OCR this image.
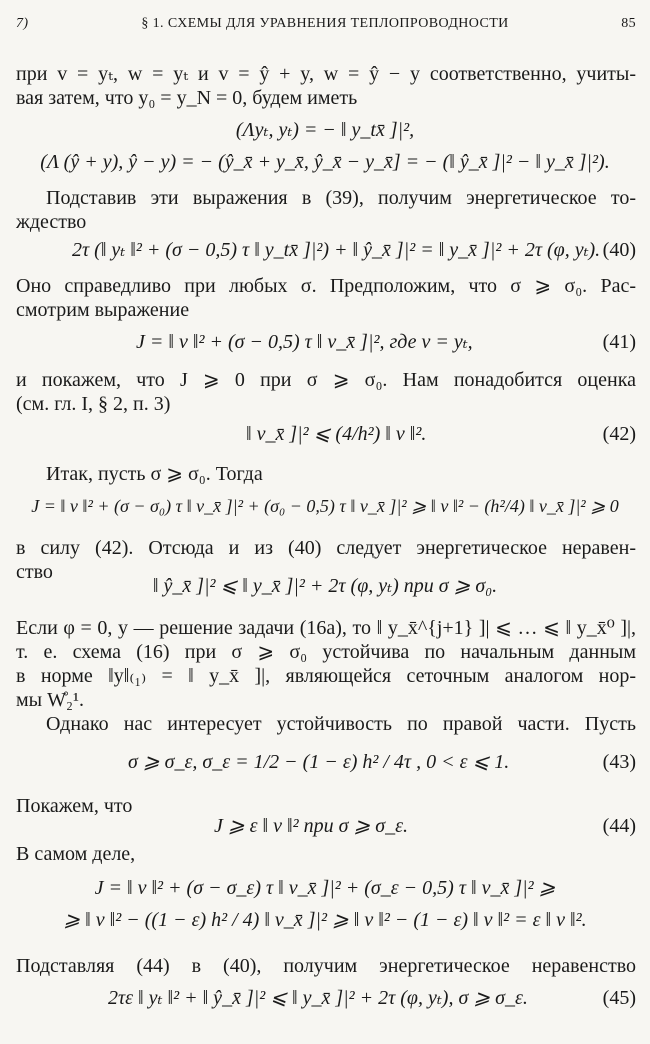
7)	§ 1. СХЕМЫ ДЛЯ УРАВНЕНИЯ ТЕПЛОПРОВОДНОСТИ	85
при v = yₜ, w = yₜ и v = ŷ + y, w = ŷ − y соответственно, учиты-
вая затем, что y₀ = y_N = 0, будем иметь
(Λyₜ, yₜ) = − ‖ y_tx̄ ]|²,
(Λ (ŷ + y), ŷ − y) = − (ŷ_x̄ + y_x̄, ŷ_x̄ − y_x̄] = − (‖ ŷ_x̄ ]|² − ‖ y_x̄ ]|²).
Подставив эти выражения в (39), получим энергетическое то-
ждество
2τ (‖ yₜ ‖² + (σ − 0,5) τ ‖ y_tx̄ ]|²) + ‖ ŷ_x̄ ]|² = ‖ y_x̄ ]|² + 2τ (φ, yₜ). (40)
Оно справедливо при любых σ. Предположим, что σ ⩾ σ₀. Рас-
смотрим выражение
J = ‖ v ‖² + (σ − 0,5) τ ‖ v_x̄ ]|², где v = yₜ,	(41)
и покажем, что J ⩾ 0 при σ ⩾ σ₀. Нам понадобится оценка
(см. гл. I, § 2, п. 3)
‖ v_x̄ ]|² ⩽ (4/h²) ‖ v ‖².	(42)
Итак, пусть σ ⩾ σ₀. Тогда
J = ‖ v ‖² + (σ − σ₀) τ ‖ v_x̄ ]|² + (σ₀ − 0,5) τ ‖ v_x̄ ]|² ⩾ ‖ v ‖² − (h²/4) ‖ v_x̄ ]|² ⩾ 0
в силу (42). Отсюда и из (40) следует энергетическое неравен-
ство
‖ ŷ_x̄ ]|² ⩽ ‖ y_x̄ ]|² + 2τ (φ, yₜ) при σ ⩾ σ₀.
Если φ = 0, y — решение задачи (16а), то ‖ y_x̄^{j+1} ]| ⩽ … ⩽ ‖ y_x̄⁰ ]|,
т. е. схема (16) при σ ⩾ σ₀ устойчива по начальным данным
в норме ‖y‖₍₁₎ = ‖ y_x̄ ]|, являющейся сеточным аналогом нор-
мы W̊₂¹.
Однако нас интересует устойчивость по правой части. Пусть
σ ⩾ σ_ε, σ_ε = 1/2 − (1 − ε) h² / 4τ , 0 < ε ⩽ 1.	(43)
Покажем, что
J ⩾ ε ‖ v ‖² при σ ⩾ σ_ε.	(44)
В самом деле,
J = ‖ v ‖² + (σ − σ_ε) τ ‖ v_x̄ ]|² + (σ_ε − 0,5) τ ‖ v_x̄ ]|² ⩾
⩾ ‖ v ‖² − ((1 − ε) h² / 4) ‖ v_x̄ ]|² ⩾ ‖ v ‖² − (1 − ε) ‖ v ‖² = ε ‖ v ‖².
Подставляя (44) в (40), получим энергетическое неравенство
2τε ‖ yₜ ‖² + ‖ ŷ_x̄ ]|² ⩽ ‖ y_x̄ ]|² + 2τ (φ, yₜ), σ ⩾ σ_ε.	(45)
